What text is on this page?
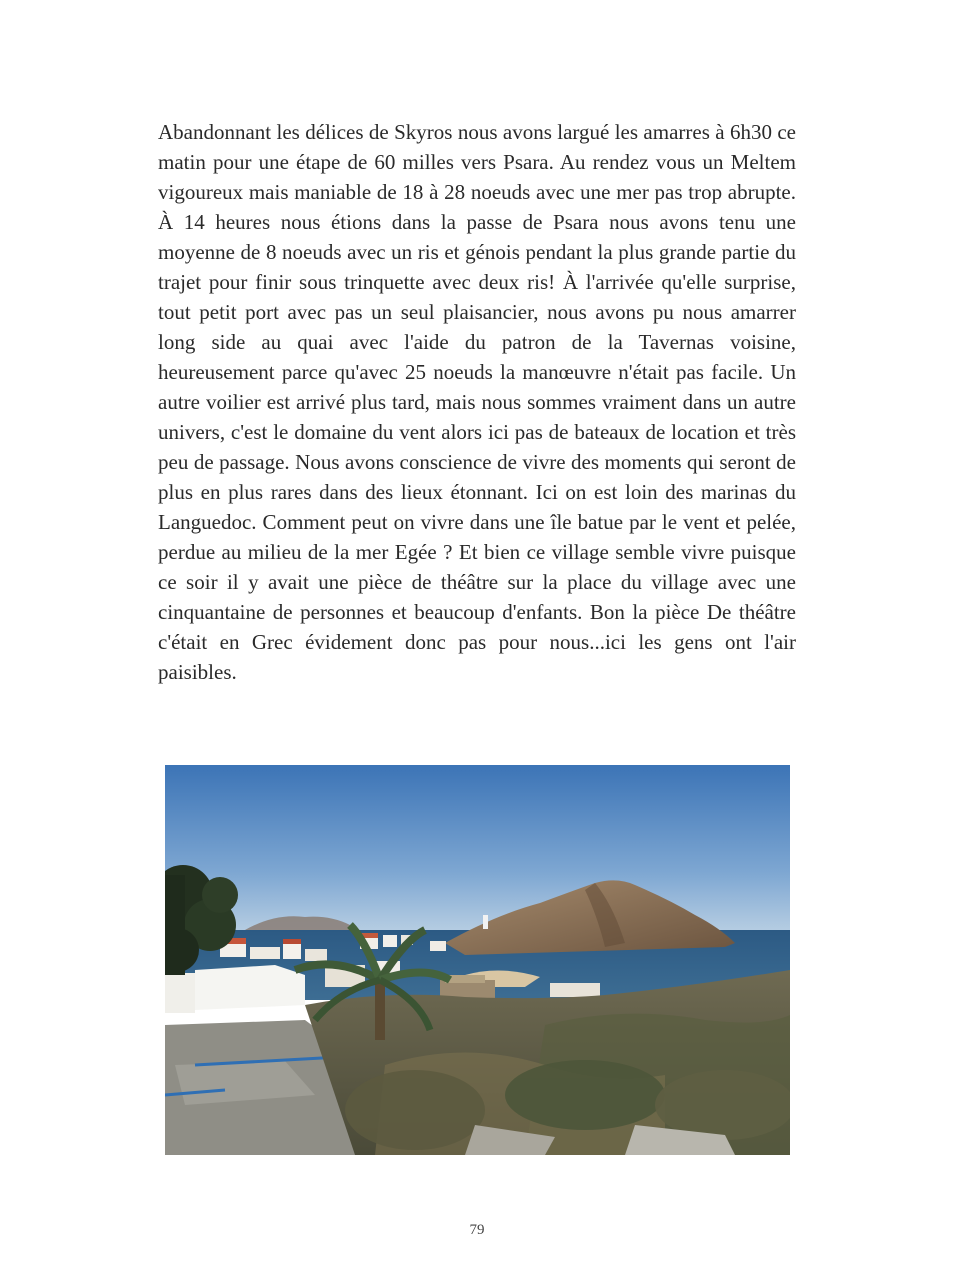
Abandonnant les délices de Skyros nous avons largué les amarres à 6h30 ce matin pour une étape de 60 milles vers Psara. Au rendez vous un Meltem vigoureux mais maniable de 18 à 28 noeuds avec une mer pas trop abrupte. À 14 heures nous étions dans la passe de Psara nous avons tenu une moyenne de 8 noeuds avec un ris et génois pendant la plus grande partie du trajet pour finir sous trinquette avec deux ris! À l'arrivée qu'elle surprise, tout petit port avec pas un seul plaisancier, nous avons pu nous amarrer long side au quai avec l'aide du patron de la Tavernas voisine, heureusement parce qu'avec 25 noeuds la manœuvre n'était pas facile. Un autre voilier est arrivé plus tard, mais nous sommes vraiment dans un autre univers, c'est le domaine du vent alors ici pas de bateaux de location et très peu de passage. Nous avons conscience de vivre des moments qui seront de plus en plus rares dans des lieux étonnant. Ici on est loin des marinas du Languedoc. Comment peut on vivre dans une île batue par le vent et pelée, perdue au milieu de la mer Egée ? Et bien ce village semble vivre puisque ce soir il y avait une pièce de théâtre sur la place du village avec une cinquantaine de personnes et beaucoup d'enfants. Bon la pièce De théâtre c'était en Grec évidement donc pas pour nous...ici les gens ont l'air paisibles.

79
